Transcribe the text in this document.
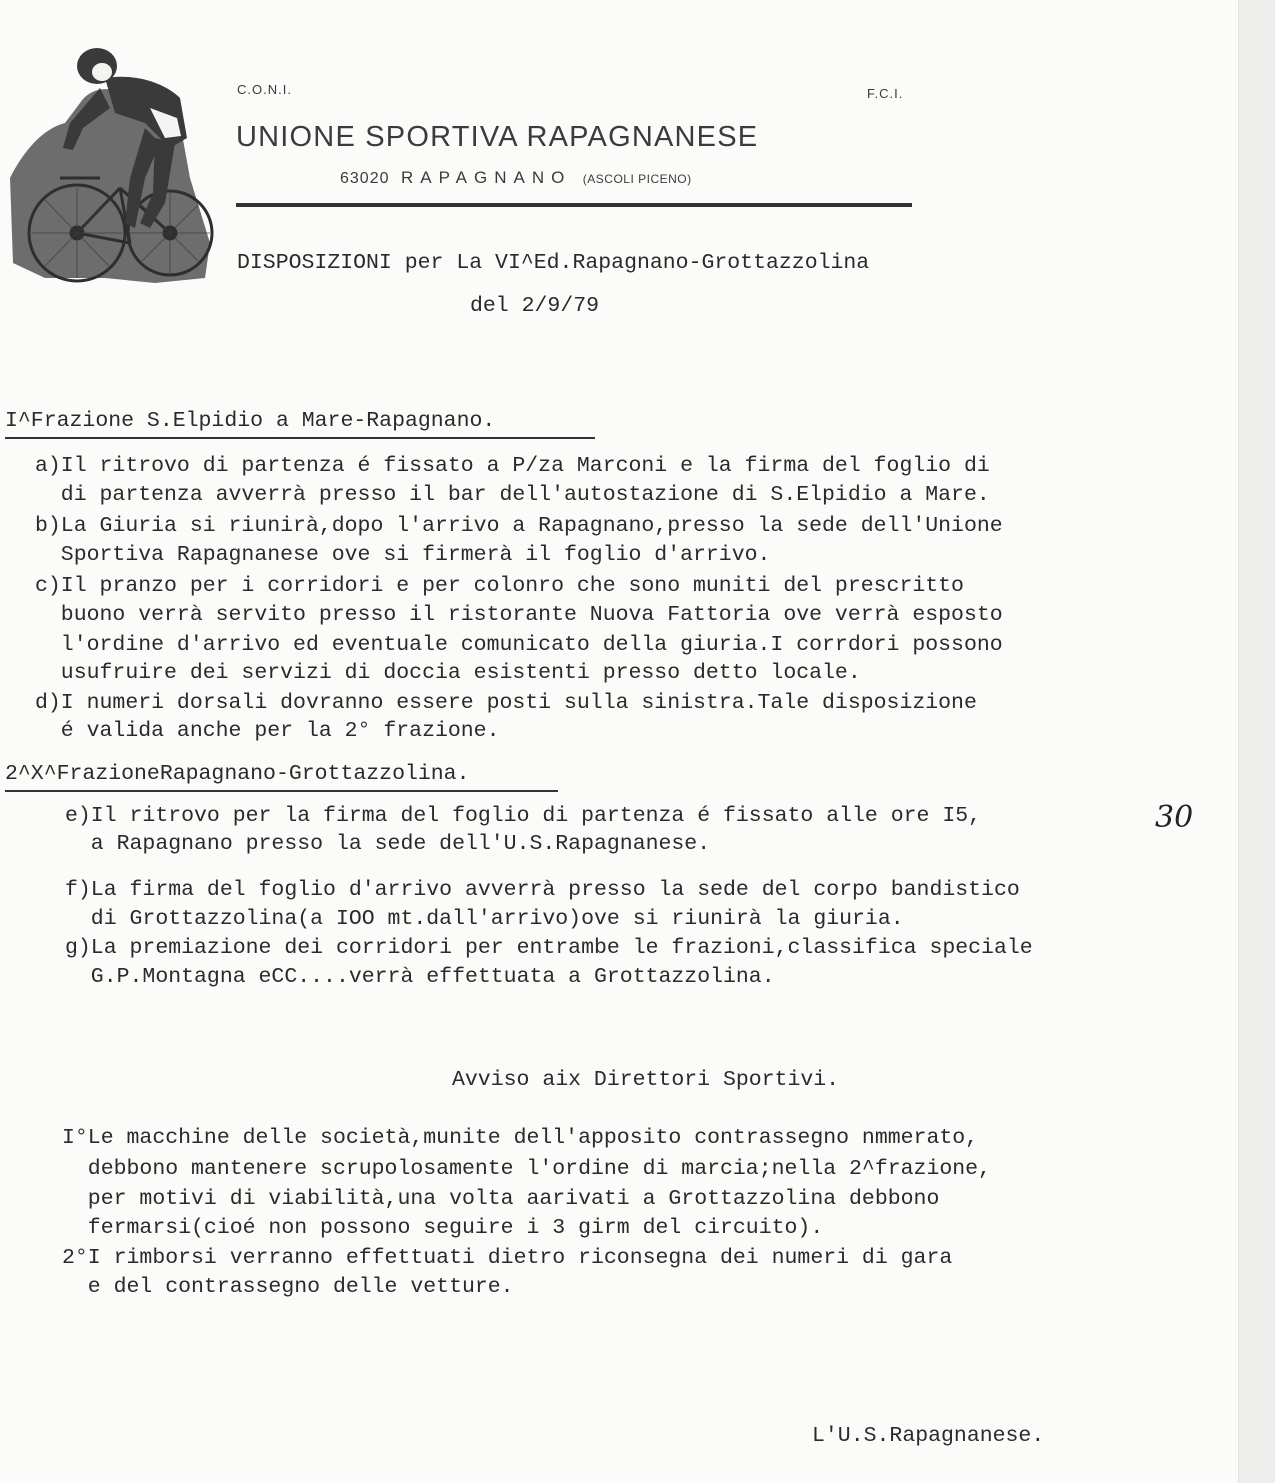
C.O.N.I.	F.C.I.
UNIONE SPORTIVA RAPAGNANESE
63020 RAPAGNANO (ASCOLI PICENO)
DISPOSIZIONI per La VI^Ed.Rapagnano-Grottazzolina
del 2/9/79
I^Frazione S.Elpidio a Mare-Rapagnano.
a)Il ritrovo di partenza é fissato a P/za Marconi e la firma del foglio di
di partenza avverrà presso il bar dell'autostazione di S.Elpidio a Mare.
b)La Giuria si riunirà,dopo l'arrivo a Rapagnano,presso la sede dell'Unione
Sportiva Rapagnanese ove si firmerà il foglio d'arrivo.
c)Il pranzo per i corridori e per colonro che sono muniti del prescritto
buono verrà servito presso il ristorante Nuova Fattoria ove verrà esposto
l'ordine d'arrivo ed eventuale comunicato della giuria.I corrdori possono
usufruire dei servizi di doccia esistenti presso detto locale.
d)I numeri dorsali dovranno essere posti sulla sinistra.Tale disposizione
é valida anche per la 2° frazione.
2^X^FrazioneRapagnano-Grottazzolina.
e)Il ritrovo per la firma del foglio di partenza é fissato alle ore I5,	30
a Rapagnano presso la sede dell'U.S.Rapagnanese.
f)La firma del foglio d'arrivo avverrà presso la sede del corpo bandistico
di Grottazzolina(a IOO mt.dall'arrivo)ove si riunirà la giuria.
g)La premiazione dei corridori per entrambe le frazioni,classifica speciale
G.P.Montagna eCC....verrà effettuata a Grottazzolina.
Avviso aix Direttori Sportivi.
I°Le macchine delle società,munite dell'apposito contrassegno nmmerato,
debbono mantenere scrupolosamente l'ordine di marcia;nella 2^frazione,
per motivi di viabilità,una volta aarivati a Grottazzolina debbono
fermarsi(cioé non possono seguire i 3 girm del circuito).
2°I rimborsi verranno effettuati dietro riconsegna dei numeri di gara
e del contrassegno delle vetture.
L'U.S.Rapagnanese.
